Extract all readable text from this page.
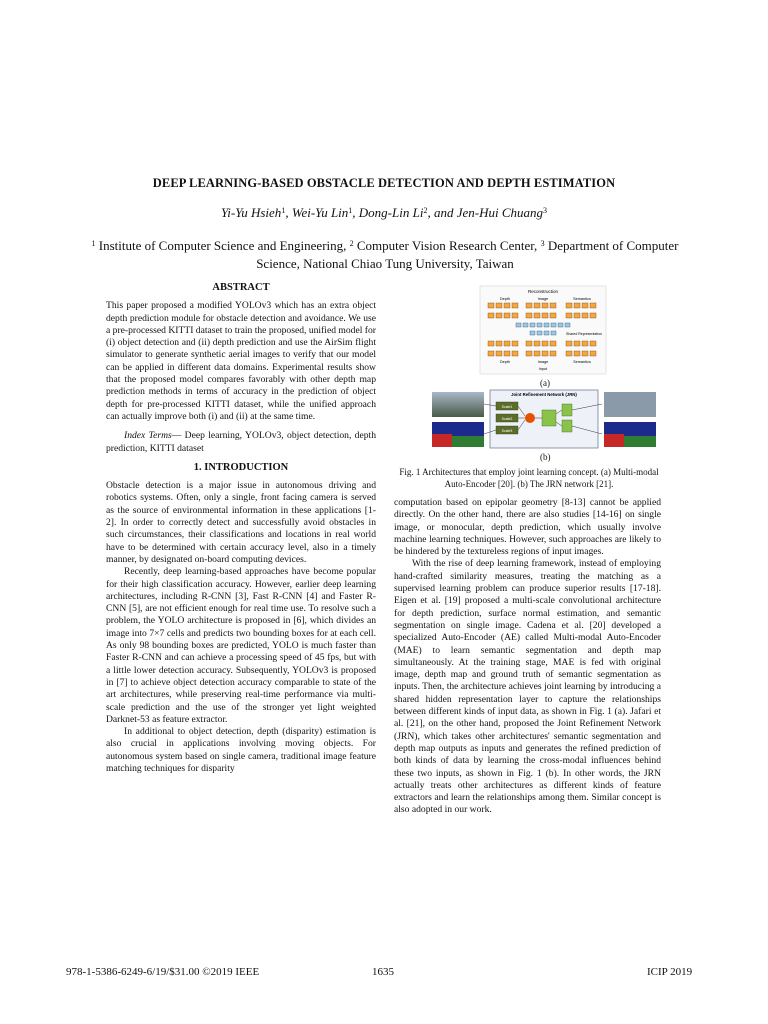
DEEP LEARNING-BASED OBSTACLE DETECTION AND DEPTH ESTIMATION
Yi-Yu Hsieh$^1$, Wei-Yu Lin$^1$, Dong-Lin Li$^2$, and Jen-Hui Chuang$^3$
$^1$ Institute of Computer Science and Engineering, $^2$ Computer Vision Research Center, $^3$ Department of Computer Science, National Chiao Tung University, Taiwan
ABSTRACT

This paper proposed a modified YOLOv3 which has an extra object depth prediction module for obstacle detection and avoidance. We use a pre-processed KITTI dataset to train the proposed, unified model for (i) object detection and (ii) depth prediction and use the AirSim flight simulator to generate synthetic aerial images to verify that our model can be applied in different data domains. Experimental results show that the proposed model compares favorably with other depth map prediction methods in terms of accuracy in the prediction of object depth for pre-processed KITTI dataset, while the unified approach can actually improve both (i) and (ii) at the same time.

Index Terms— Deep learning, YOLOv3, object detection, depth prediction, KITTI dataset

1. INTRODUCTION

Obstacle detection is a major issue in autonomous driving and robotics systems. Often, only a single, front facing camera is served as the source of environmental information in these applications [1-2]. In order to correctly detect and successfully avoid obstacles in such circumstances, their classifications and locations in real world have to be determined with certain accuracy level, also in a timely manner, by designated on-board computing devices.

Recently, deep learning-based approaches have become popular for their high classification accuracy. However, earlier deep learning architectures, including R-CNN [3], Fast R-CNN [4] and Faster R-CNN [5], are not efficient enough for real time use. To resolve such a problem, the YOLO architecture is proposed in [6], which divides an image into 7×7 cells and predicts two bounding boxes for at each cell. As only 98 bounding boxes are predicted, YOLO is much faster than Faster R-CNN and can achieve a processing speed of 45 fps, but with a little lower detection accuracy. Subsequently, YOLOv3 is proposed in [7] to achieve object detection accuracy comparable to state of the art architectures, while preserving real-time performance via multi-scale prediction and the use of the stronger yet light weighted Darknet-53 as feature extractor.

In additional to object detection, depth (disparity) estimation is also crucial in applications involving moving objects. For autonomous system based on single camera, traditional image feature matching techniques for disparity

Reconstruction
Depth	Image	Semantics
Shared Representation
Depth	Image	Semantics
Input
Joint Refinement Network (JRN)
Scale1
Scale2
Scale3
(a)
(b)
Fig. 1 Architectures that employ joint learning concept. (a) Multi-modal Auto-Encoder [20]. (b) The JRN network [21].

computation based on epipolar geometry [8-13] cannot be applied directly. On the other hand, there are also studies [14-16] on single image, or monocular, depth prediction, which usually involve machine learning techniques. However, such approaches are likely to be hindered by the textureless regions of input images.

With the rise of deep learning framework, instead of employing hand-crafted similarity measures, treating the matching as a supervised learning problem can produce superior results [17-18]. Eigen et al. [19] proposed a multi-scale convolutional architecture for depth prediction, surface normal estimation, and semantic segmentation on single image. Cadena et al. [20] developed a specialized Auto-Encoder (AE) called Multi-modal Auto-Encoder (MAE) to learn semantic segmentation and depth map simultaneously. At the training stage, MAE is fed with original image, depth map and ground truth of semantic segmentation as inputs. Then, the architecture achieves joint learning by introducing a shared hidden representation layer to capture the relationships between different kinds of input data, as shown in Fig. 1 (a). Jafari et al. [21], on the other hand, proposed the Joint Refinement Network (JRN), which takes other architectures' semantic segmentation and depth map outputs as inputs and generates the refined prediction of both kinds of data by learning the cross-modal influences behind these two inputs, as shown in Fig. 1 (b). In other words, the JRN actually treats other architectures as different kinds of feature extractors and learn the relationships among them. Similar concept is also adopted in our work.

978-1-5386-6249-6/19/$31.00 ©2019 IEEE	1635	ICIP 2019
